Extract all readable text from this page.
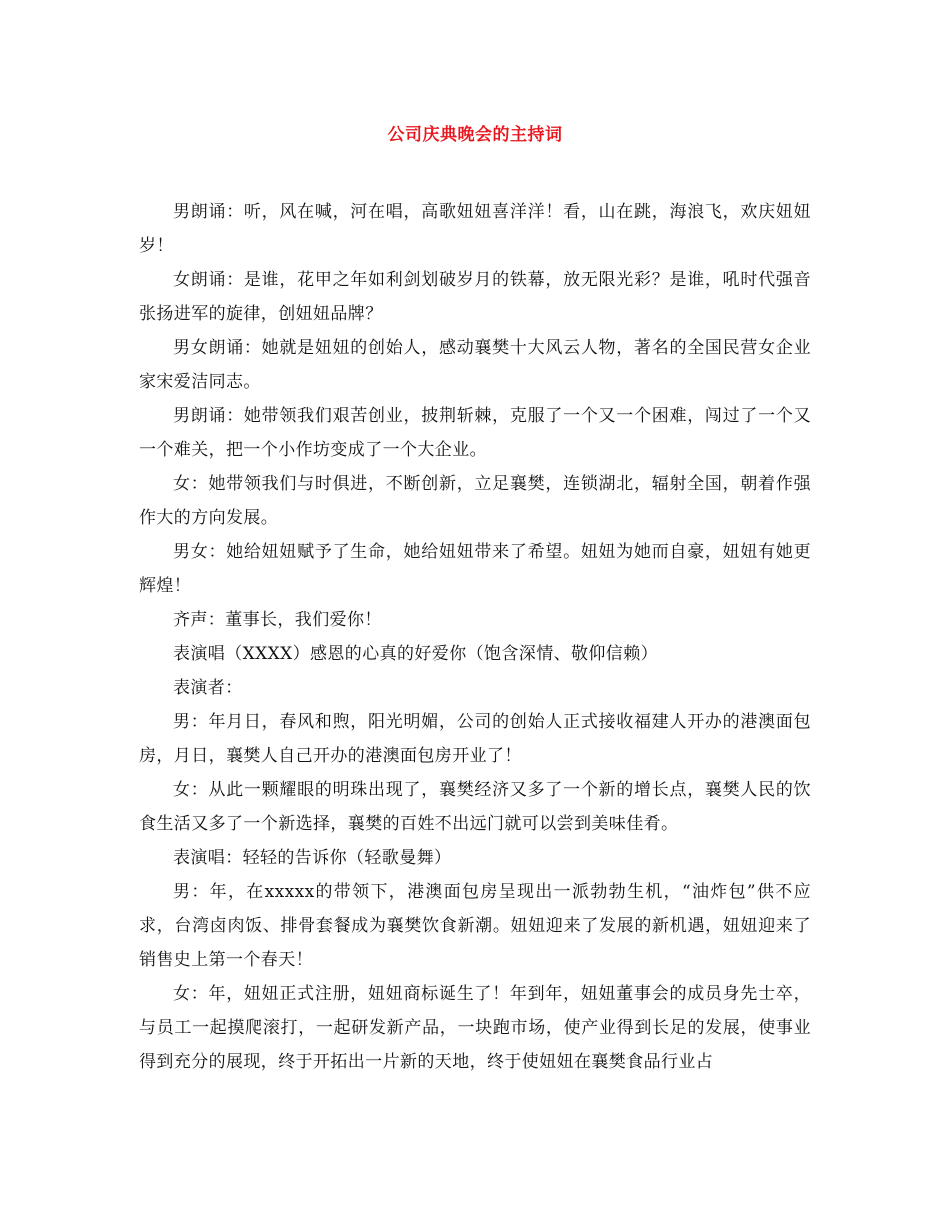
公司庆典晚会的主持词

男朗诵：听，风在喊，河在唱，高歌妞妞喜洋洋！看，山在跳，海浪飞，欢庆妞妞岁！

女朗诵：是谁，花甲之年如利剑划破岁月的铁幕，放无限光彩？是谁，吼时代强音张扬进军的旋律，创妞妞品牌？

男女朗诵：她就是妞妞的创始人，感动襄樊十大风云人物，著名的全国民营女企业家宋爱洁同志。

男朗诵：她带领我们艰苦创业，披荆斩棘，克服了一个又一个困难，闯过了一个又一个难关，把一个小作坊变成了一个大企业。

女：她带领我们与时俱进，不断创新，立足襄樊，连锁湖北，辐射全国，朝着作强作大的方向发展。

男女：她给妞妞赋予了生命，她给妞妞带来了希望。妞妞为她而自豪，妞妞有她更辉煌！

齐声：董事长，我们爱你！

表演唱（XXXX）感恩的心真的好爱你（饱含深情、敬仰信赖）

表演者：

男：年月日，春风和煦，阳光明媚，公司的创始人正式接收福建人开办的港澳面包房，月日，襄樊人自己开办的港澳面包房开业了！

女：从此一颗耀眼的明珠出现了，襄樊经济又多了一个新的增长点，襄樊人民的饮食生活又多了一个新选择，襄樊的百姓不出远门就可以尝到美味佳肴。

表演唱：轻轻的告诉你（轻歌曼舞）

男：年，在xxxxx的带领下，港澳面包房呈现出一派勃勃生机，“油炸包”供不应求，台湾卤肉饭、排骨套餐成为襄樊饮食新潮。妞妞迎来了发展的新机遇，妞妞迎来了销售史上第一个春天！

女：年，妞妞正式注册，妞妞商标诞生了！年到年，妞妞董事会的成员身先士卒，与员工一起摸爬滚打，一起研发新产品，一块跑市场，使产业得到长足的发展，使事业得到充分的展现，终于开拓出一片新的天地，终于使妞妞在襄樊食品行业占
